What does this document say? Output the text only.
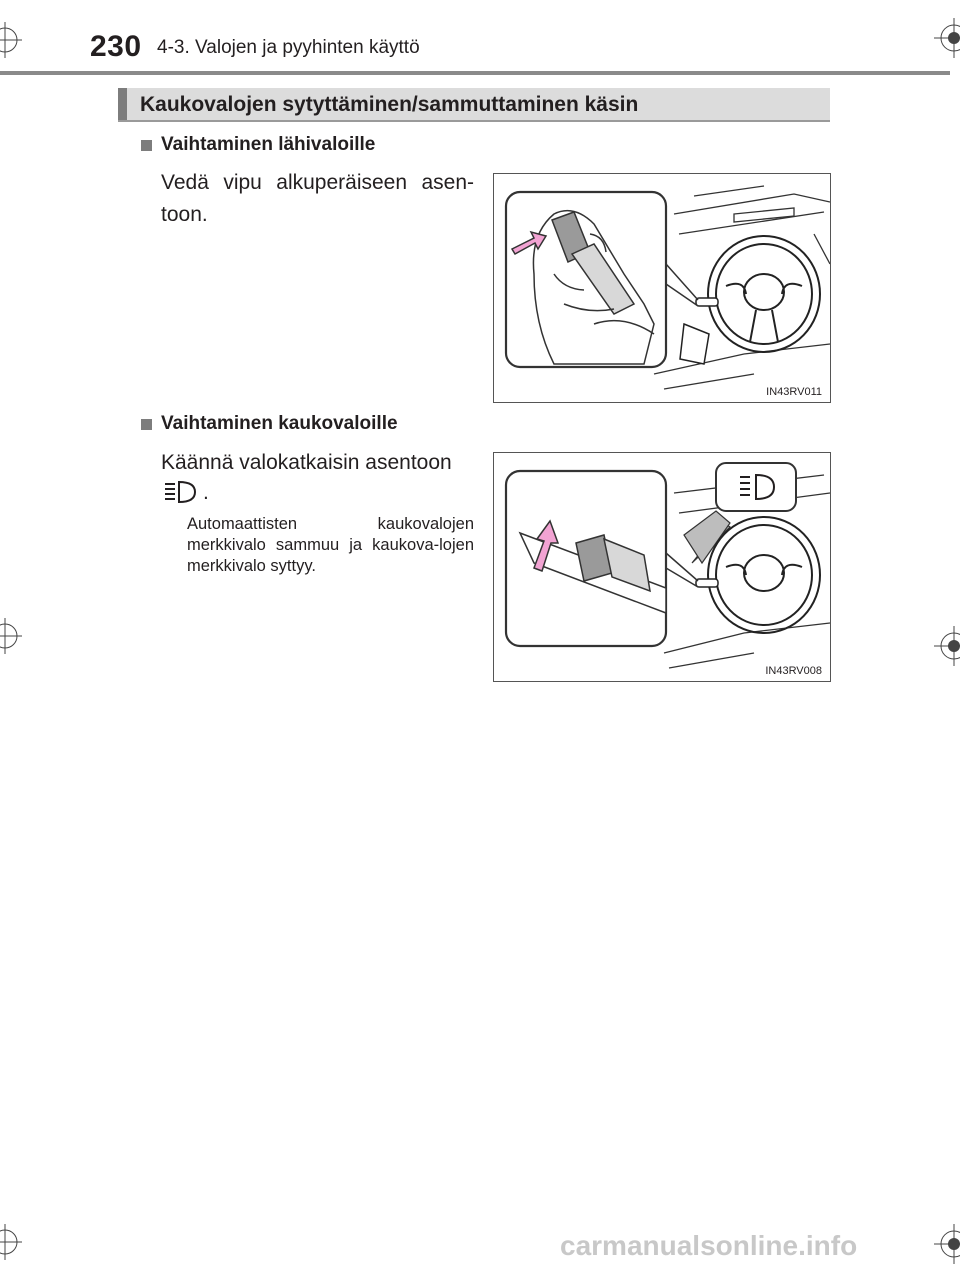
230 4-3. Valojen ja pyyhinten käyttö
Kaukovalojen sytyttäminen/sammuttaminen käsin
Vaihtaminen lähivaloille
Vedä vipu alkuperäiseen asen-toon.
IN43RV011
Vaihtaminen kaukovaloille
Käännä valokatkaisin asentoon
.
Automaattisten kaukovalojen merkkivalo sammuu ja kaukova-lojen merkkivalo syttyy.
IN43RV008
carmanualsonline.info
